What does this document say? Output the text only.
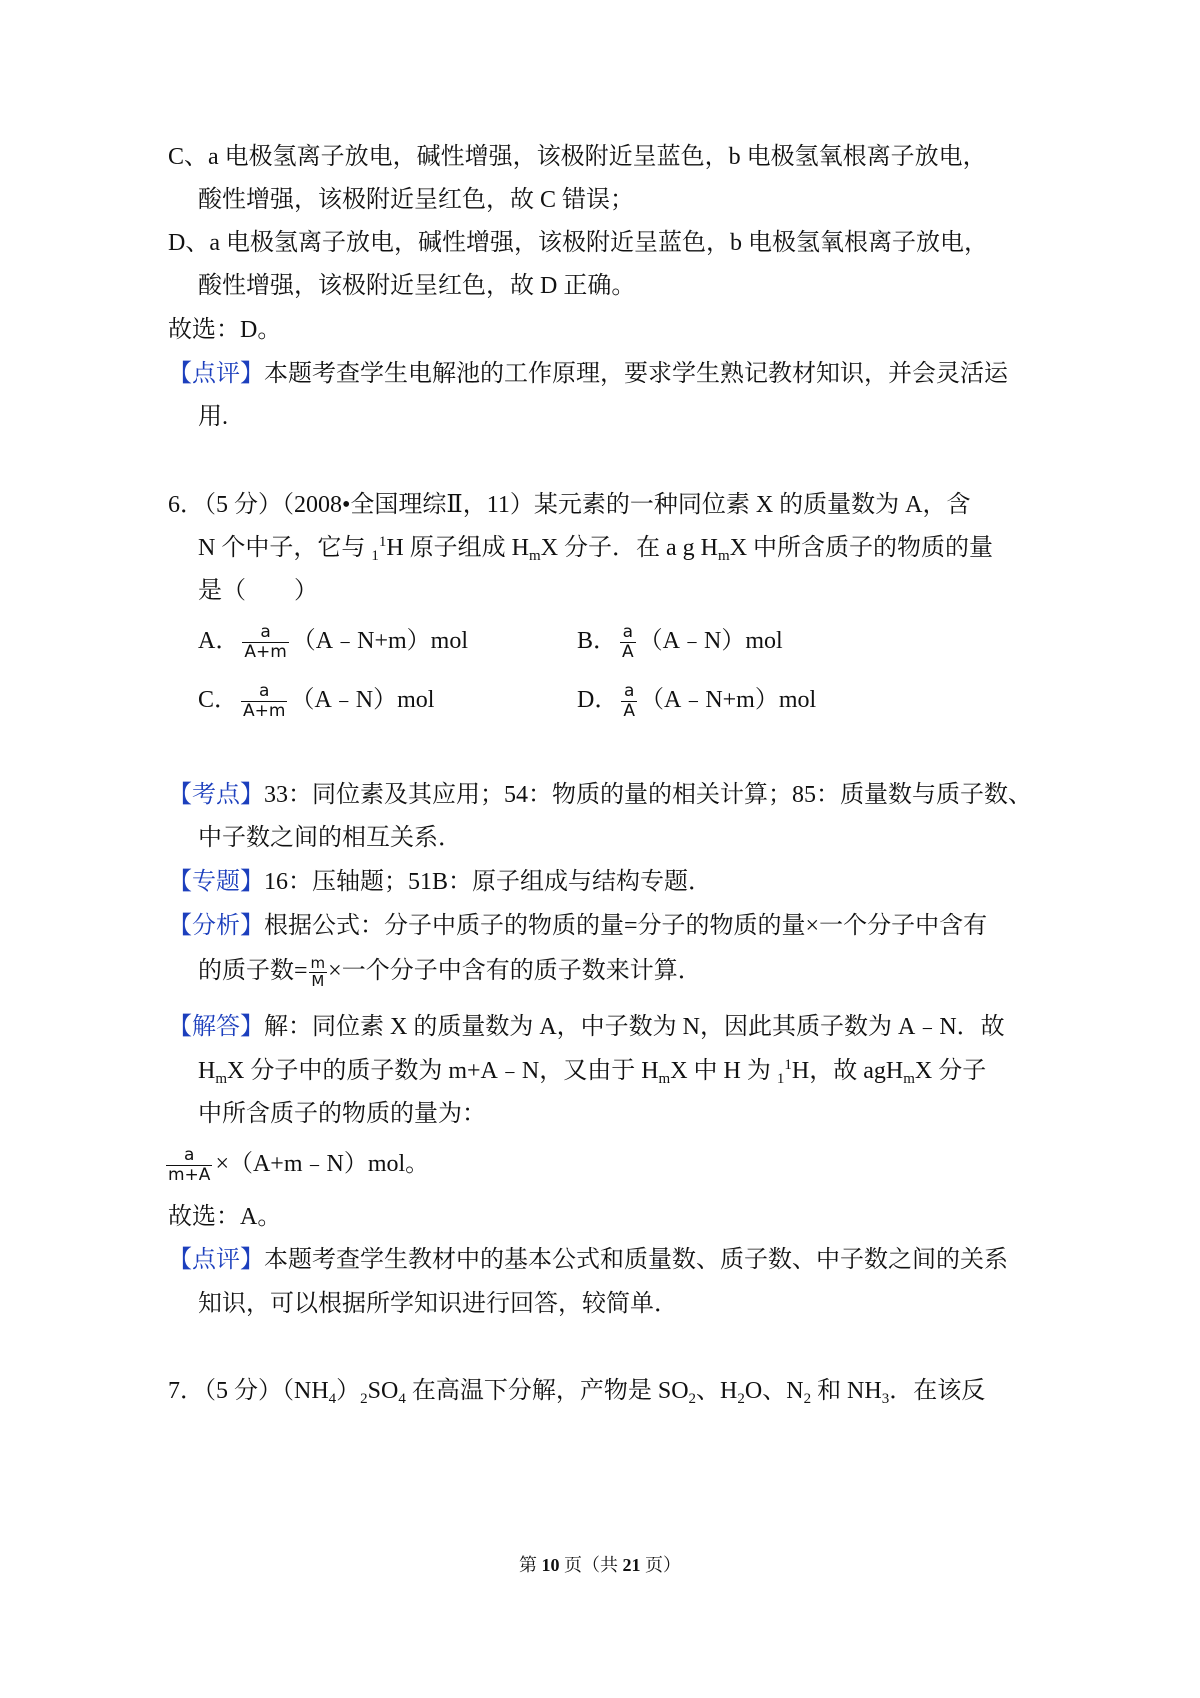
C、a 电极氢离子放电，碱性增强，该极附近呈蓝色，b 电极氢氧根离子放电，
酸性增强，该极附近呈红色，故 C 错误；
D、a 电极氢离子放电，碱性增强，该极附近呈蓝色，b 电极氢氧根离子放电，
酸性增强，该极附近呈红色，故 D 正确。
故选：D。
【点评】本题考查学生电解池的工作原理，要求学生熟记教材知识，并会灵活运
用.
6．（5 分）（2008•全国理综Ⅱ，11）某元素的一种同位素 X 的质量数为 A，含
N 个中子，它与 $_1^1$H 原子组成 $H_mX$ 分子．在 a g $H_mX$ 中所含质子的物质的量
是（　　）
A． $\frac{a}{A+m}$ （A﹣N+m）mol	B． $\frac{a}{A}$ （A﹣N）mol
C． $\frac{a}{A+m}$ （A﹣N）mol	D． $\frac{a}{A}$ （A﹣N+m）mol
【考点】33：同位素及其应用；54：物质的量的相关计算；85：质量数与质子数、
中子数之间的相互关系．
【专题】16：压轴题；51B：原子组成与结构专题．
【分析】根据公式：分子中质子的物质的量=分子的物质的量×一个分子中含有
的质子数= $\frac{m}{M}$ ×一个分子中含有的质子数来计算．
【解答】解：同位素 X 的质量数为 A，中子数为 N，因此其质子数为 A﹣N．故
$H_mX$ 分子中的质子数为 m+A﹣N，又由于 $H_mX$ 中 H 为 $_1^1$H，故 agH$_m$X 分子
中所含质子的物质的量为：
$\frac{a}{m+A}$ ×（A+m﹣N）mol。
故选：A。
【点评】本题考查学生教材中的基本公式和质量数、质子数、中子数之间的关系
知识，可以根据所学知识进行回答，较简单．
7．（5 分）$(NH_4)_2SO_4$ 在高温下分解，产物是 $SO_2$、$H_2O$、$N_2$ 和 $NH_3$．在该反
第 10 页（共 21 页）
